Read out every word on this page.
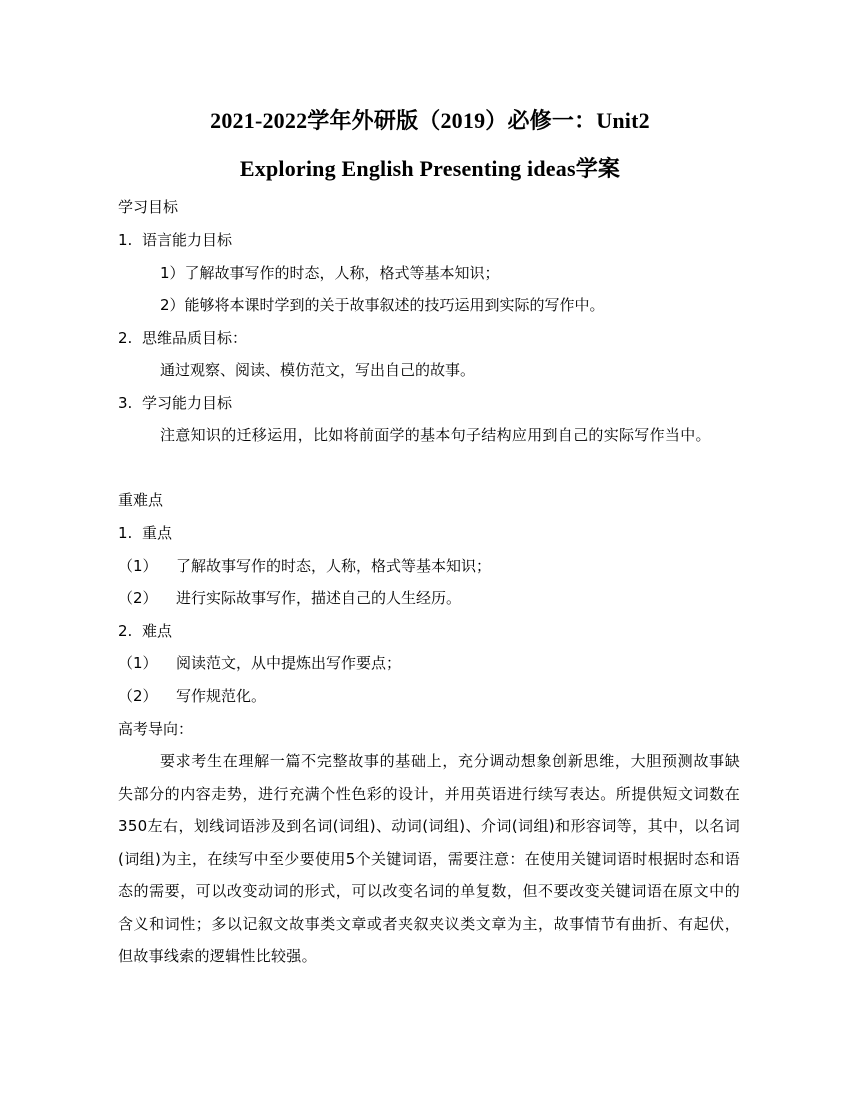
2021-2022学年外研版（2019）必修一：Unit2
Exploring English Presenting ideas学案
学习目标
1. 语言能力目标
1）了解故事写作的时态，人称，格式等基本知识；
2）能够将本课时学到的关于故事叙述的技巧运用到实际的写作中。
2. 思维品质目标：
通过观察、阅读、模仿范文，写出自己的故事。
3. 学习能力目标
注意知识的迁移运用，比如将前面学的基本句子结构应用到自己的实际写作当中。
重难点
1. 重点
（1） 了解故事写作的时态，人称，格式等基本知识；
（2） 进行实际故事写作，描述自己的人生经历。
2. 难点
（1） 阅读范文，从中提炼出写作要点；
（2） 写作规范化。
高考导向：
要求考生在理解一篇不完整故事的基础上，充分调动想象创新思维，大胆预测故事缺失部分的内容走势，进行充满个性色彩的设计，并用英语进行续写表达。所提供短文词数在350左右，划线词语涉及到名词(词组)、动词(词组)、介词(词组)和形容词等，其中，以名词(词组)为主，在续写中至少要使用5个关键词语，需要注意：在使用关键词语时根据时态和语态的需要，可以改变动词的形式，可以改变名词的单复数，但不要改变关键词语在原文中的含义和词性；多以记叙文故事类文章或者夹叙夹议类文章为主，故事情节有曲折、有起伏，但故事线索的逻辑性比较强。
